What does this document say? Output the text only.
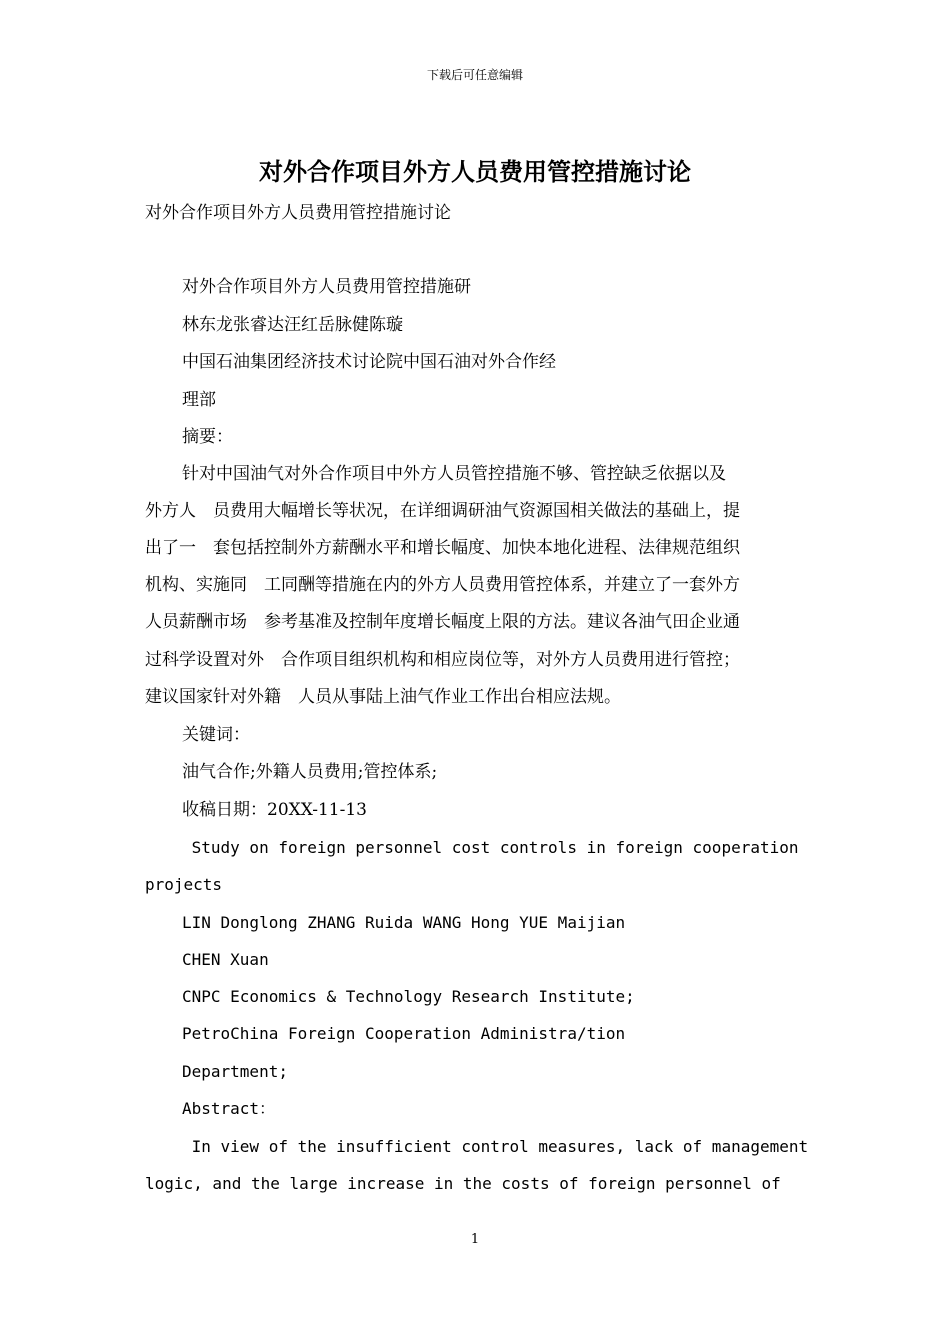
下载后可任意编辑
对外合作项目外方人员费用管控措施讨论
对外合作项目外方人员费用管控措施讨论
对外合作项目外方人员费用管控措施研
林东龙张睿达汪红岳脉健陈璇
中国石油集团经济技术讨论院中国石油对外合作经
理部
摘要：
针对中国油气对外合作项目中外方人员管控措施不够、管控缺乏依据以及
外方人　员费用大幅增长等状况，在详细调研油气资源国相关做法的基础上，提
出了一　套包括控制外方薪酬水平和增长幅度、加快本地化进程、法律规范组织
机构、实施同　工同酬等措施在内的外方人员费用管控体系，并建立了一套外方
人员薪酬市场　参考基准及控制年度增长幅度上限的方法。建议各油气田企业通
过科学设置对外　合作项目组织机构和相应岗位等，对外方人员费用进行管控；
建议国家针对外籍　人员从事陆上油气作业工作出台相应法规。
关键词：
油气合作;外籍人员费用;管控体系;
收稿日期：20XX-11-13
Study on foreign personnel cost controls in foreign cooperation
projects
LIN Donglong ZHANG Ruida WANG Hong YUE Maijian
CHEN Xuan
CNPC Economics & Technology Research Institute;
PetroChina Foreign Cooperation Administra/tion
Department;
Abstract：
In view of the insufficient control measures, lack of management
logic, and the large increase in the costs of foreign personnel of
1
